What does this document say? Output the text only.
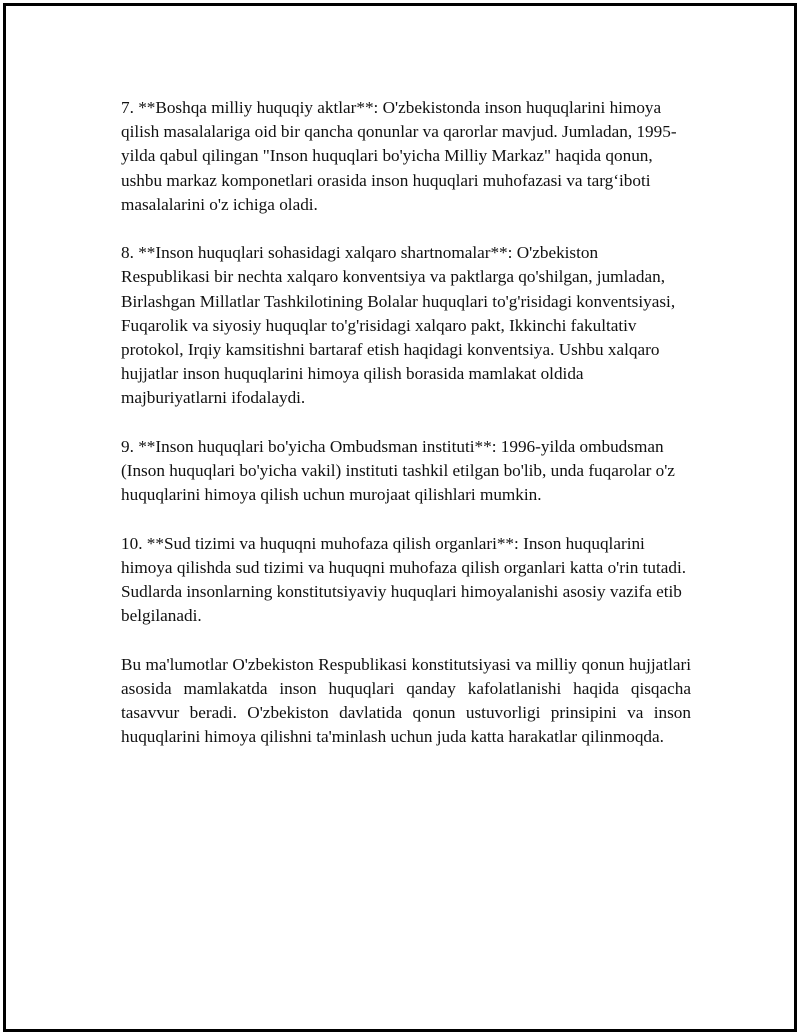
7. **Boshqa milliy huquqiy aktlar**: O'zbekistonda inson huquqlarini himoya qilish masalalariga oid bir qancha qonunlar va qarorlar mavjud. Jumladan, 1995-yilda qabul qilingan "Inson huquqlari bo'yicha Milliy Markaz" haqida qonun, ushbu markaz komponetlari orasida inson huquqlari muhofazasi va targ‘iboti masalalarini o'z ichiga oladi.

8. **Inson huquqlari sohasidagi xalqaro shartnomalar**: O'zbekiston Respublikasi bir nechta xalqaro konventsiya va paktlarga qo'shilgan, jumladan, Birlashgan Millatlar Tashkilotining Bolalar huquqlari to'g'risidagi konventsiyasi, Fuqarolik va siyosiy huquqlar to'g'risidagi xalqaro pakt, Ikkinchi fakultativ protokol, Irqiy kamsitishni bartaraf etish haqidagi konventsiya. Ushbu xalqaro hujjatlar inson huquqlarini himoya qilish borasida mamlakat oldida majburiyatlarni ifodalaydi.

9. **Inson huquqlari bo'yicha Ombudsman instituti**: 1996-yilda ombudsman (Inson huquqlari bo'yicha vakil) instituti tashkil etilgan bo'lib, unda fuqarolar o'z huquqlarini himoya qilish uchun murojaat qilishlari mumkin.

10. **Sud tizimi va huquqni muhofaza qilish organlari**: Inson huquqlarini himoya qilishda sud tizimi va huquqni muhofaza qilish organlari katta o'rin tutadi. Sudlarda insonlarning konstitutsiyaviy huquqlari himoyalanishi asosiy vazifa etib belgilanadi.

Bu ma'lumotlar O'zbekiston Respublikasi konstitutsiyasi va milliy qonun hujjatlari asosida mamlakatda inson huquqlari qanday kafolatlanishi haqida qisqacha tasavvur beradi. O'zbekiston davlatida qonun ustuvorligi prinsipini va inson huquqlarini himoya qilishni ta'minlash uchun juda katta harakatlar qilinmoqda.
